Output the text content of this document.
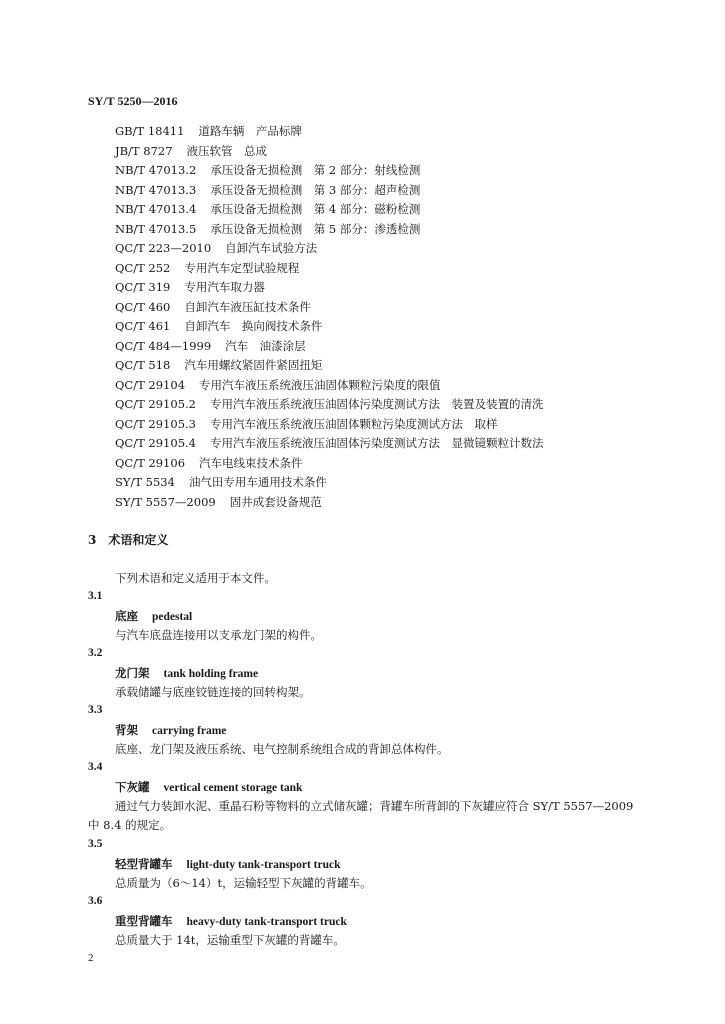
SY/T 5250—2016
GB/T 18411 道路车辆　产品标牌
JB/T 8727 液压软管　总成
NB/T 47013.2 承压设备无损检测　第 2 部分：射线检测
NB/T 47013.3 承压设备无损检测　第 3 部分：超声检测
NB/T 47013.4 承压设备无损检测　第 4 部分：磁粉检测
NB/T 47013.5 承压设备无损检测　第 5 部分：渗透检测
QC/T 223—2010 自卸汽车试验方法
QC/T 252 专用汽车定型试验规程
QC/T 319 专用汽车取力器
QC/T 460 自卸汽车液压缸技术条件
QC/T 461 自卸汽车　换向阀技术条件
QC/T 484—1999 汽车　油漆涂层
QC/T 518 汽车用螺纹紧固件紧固扭矩
QC/T 29104 专用汽车液压系统液压油固体颗粒污染度的限值
QC/T 29105.2 专用汽车液压系统液压油固体污染度测试方法　装置及装置的清洗
QC/T 29105.3 专用汽车液压系统液压油固体颗粒污染度测试方法　取样
QC/T 29105.4 专用汽车液压系统液压油固体污染度测试方法　显微镜颗粒计数法
QC/T 29106 汽车电线束技术条件
SY/T 5534 油气田专用车通用技术条件
SY/T 5557—2009 固井成套设备规范
3　术语和定义
下列术语和定义适用于本文件。
3.1
底座 pedestal
与汽车底盘连接用以支承龙门架的构件。
3.2
龙门架 tank holding frame
承载储罐与底座铰链连接的回转构架。
3.3
背架 carrying frame
底座、龙门架及液压系统、电气控制系统组合成的背卸总体构件。
3.4
下灰罐 vertical cement storage tank
通过气力装卸水泥、重晶石粉等物料的立式储灰罐；背罐车所背卸的下灰罐应符合 SY/T 5557—2009 中 8.4 的规定。
3.5
轻型背罐车 light-duty tank-transport truck
总质量为（6～14）t，运输轻型下灰罐的背罐车。
3.6
重型背罐车 heavy-duty tank-transport truck
总质量大于 14t，运输重型下灰罐的背罐车。
2
